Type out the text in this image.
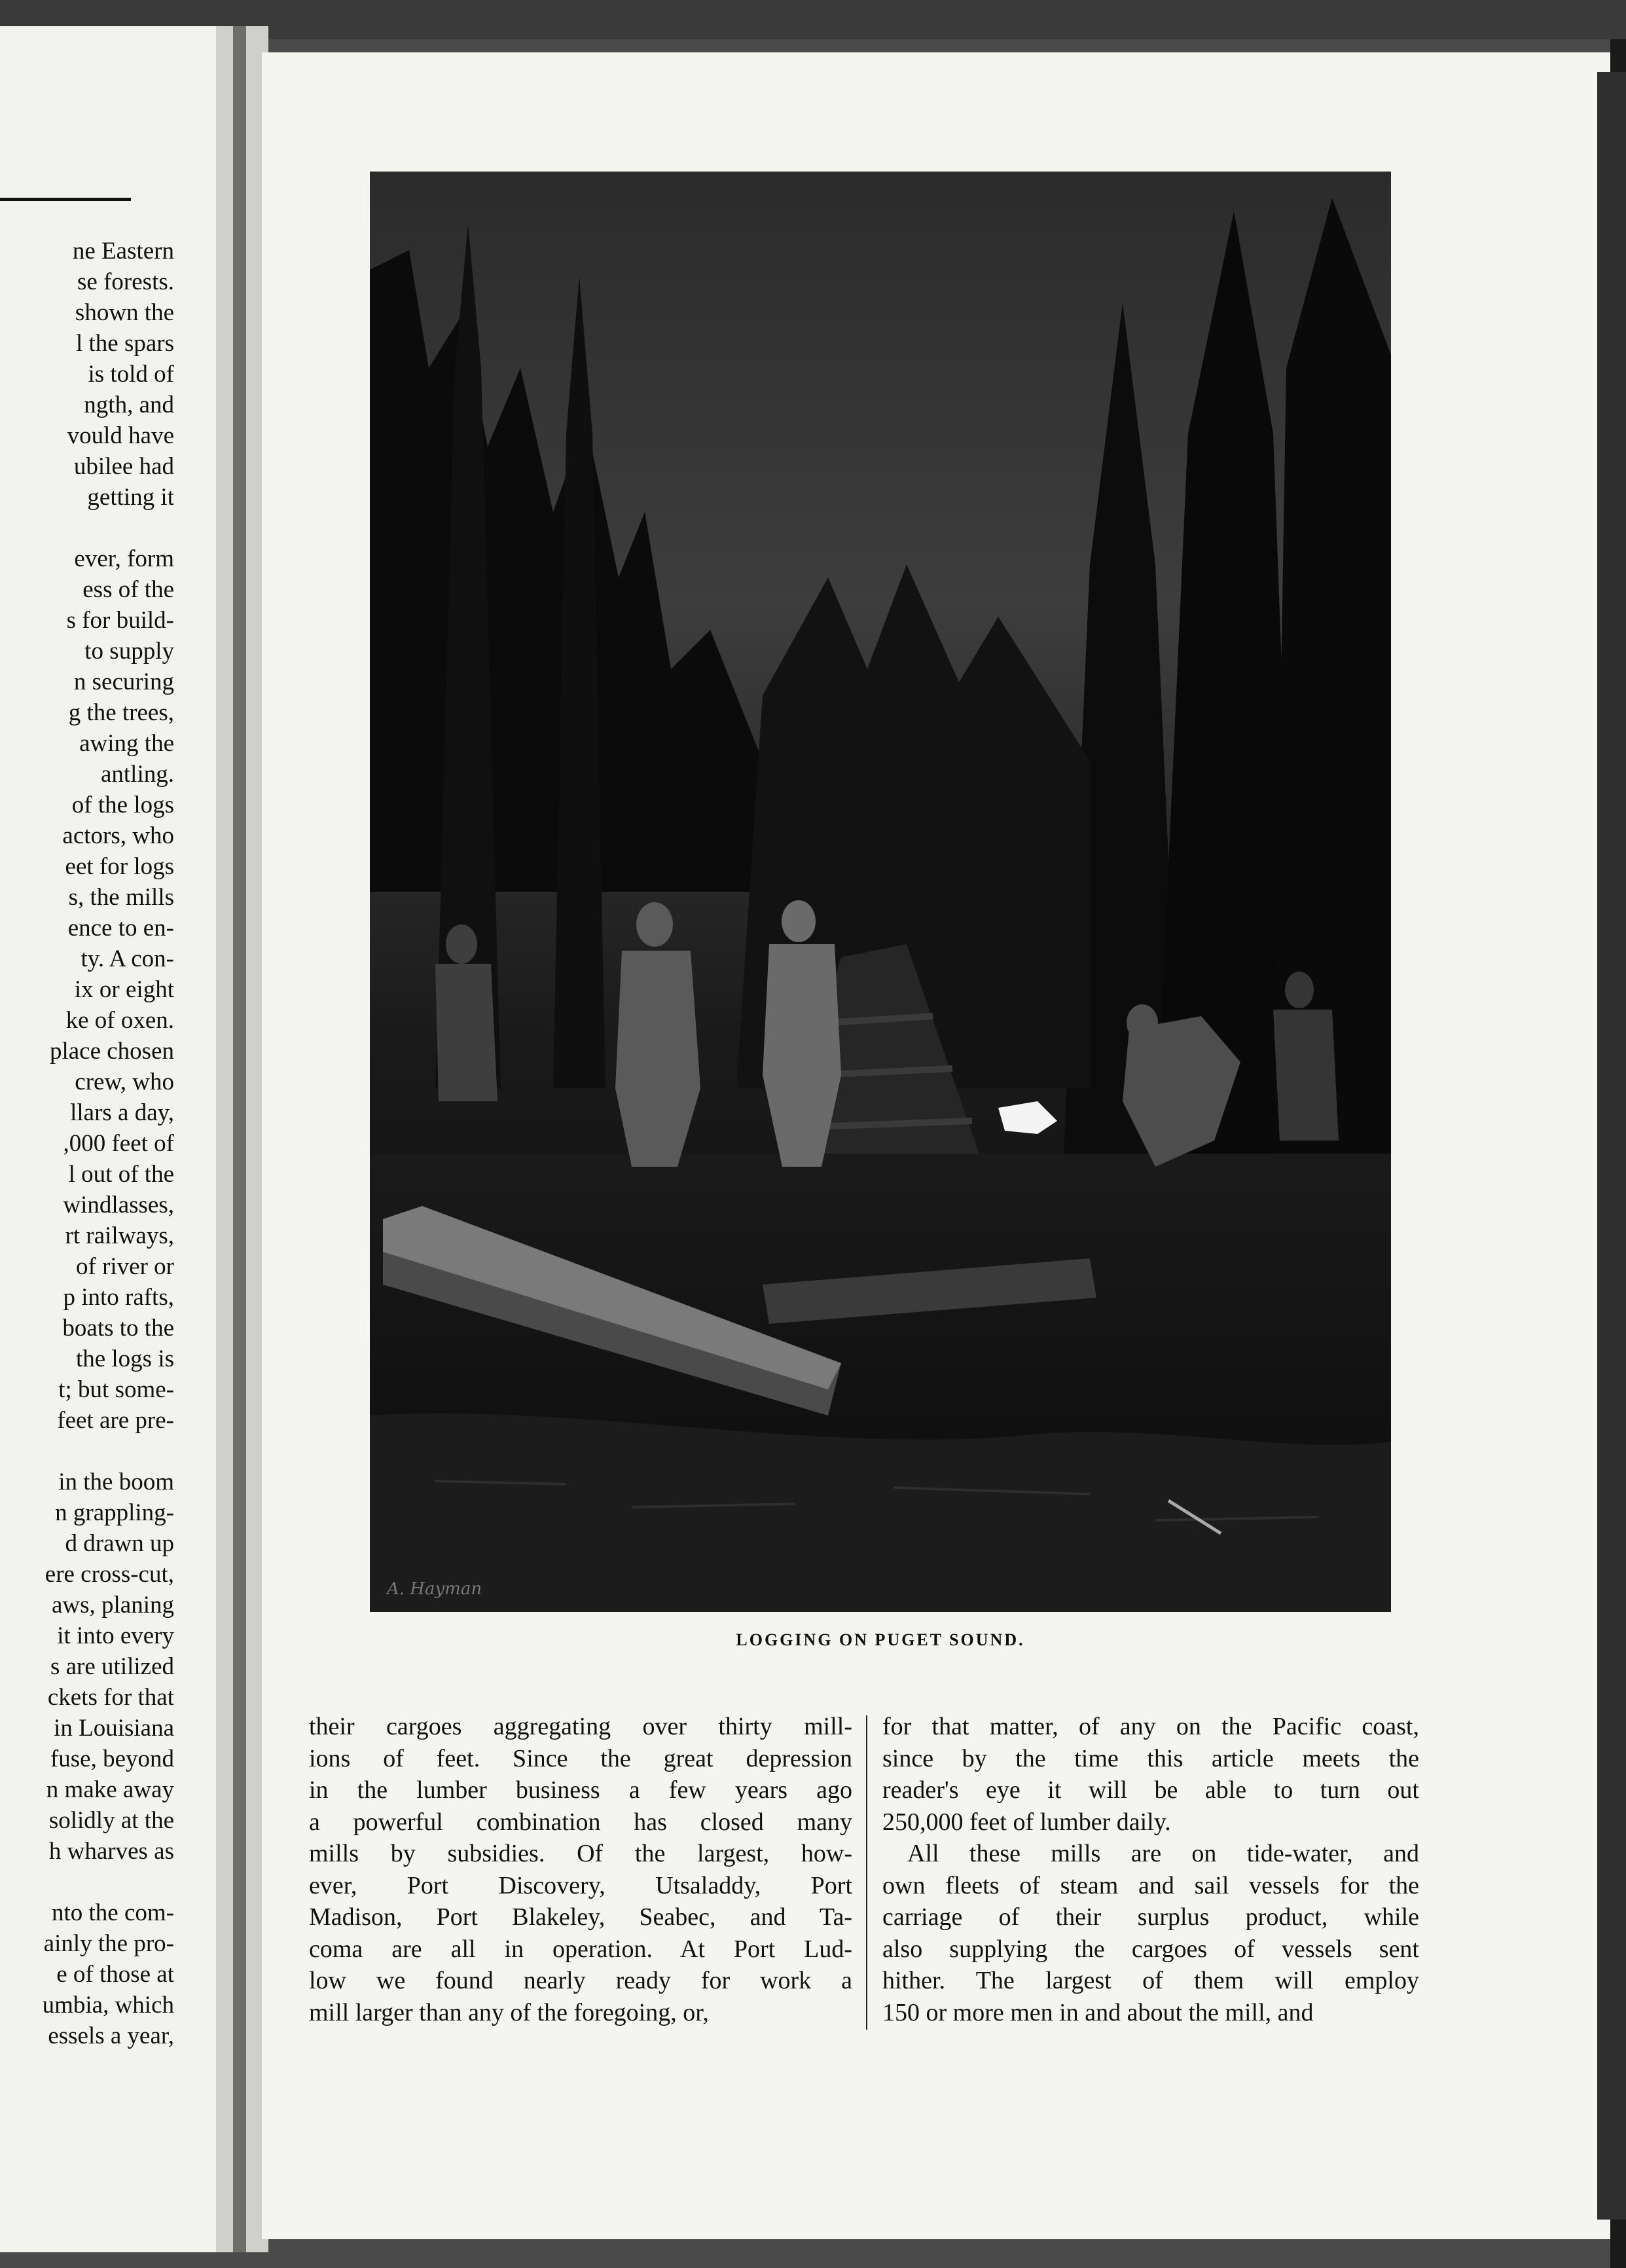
ne Eastern
se forests.
shown the
l the spars
is told of
ngth, and
vould have
ubilee had
getting it
ever, form
ess of the
s for build-
to supply
n securing
g the trees,
awing the
antling.
of the logs
actors, who
eet for logs
s, the mills
ence to en-
ty. A con-
ix or eight
ke of oxen.
place chosen
crew, who
llars a day,
,000 feet of
l out of the
windlasses,
rt railways,
of river or
p into rafts,
boats to the
the logs is
t; but some-
feet are pre-
in the boom
n grappling-
d drawn up
ere cross-cut,
aws, planing
it into every
s are utilized
ckets for that
in Louisiana
fuse, beyond
n make away
solidly at the
h wharves as
nto the com-
ainly the pro-
e of those at
umbia, which
essels a year,
A. Hayman
LOGGING ON PUGET SOUND.
their cargoes aggregating over thirty mill-
ions of feet. Since the great depression
in the lumber business a few years ago
a powerful combination has closed many
mills by subsidies. Of the largest, how-
ever, Port Discovery, Utsaladdy, Port
Madison, Port Blakeley, Seabec, and Ta-
coma are all in operation. At Port Lud-
low we found nearly ready for work a
mill larger than any of the foregoing, or,
for that matter, of any on the Pacific coast,
since by the time this article meets the
reader's eye it will be able to turn out
250,000 feet of lumber daily.
All these mills are on tide-water, and
own fleets of steam and sail vessels for the
carriage of their surplus product, while
also supplying the cargoes of vessels sent
hither. The largest of them will employ
150 or more men in and about the mill, and
